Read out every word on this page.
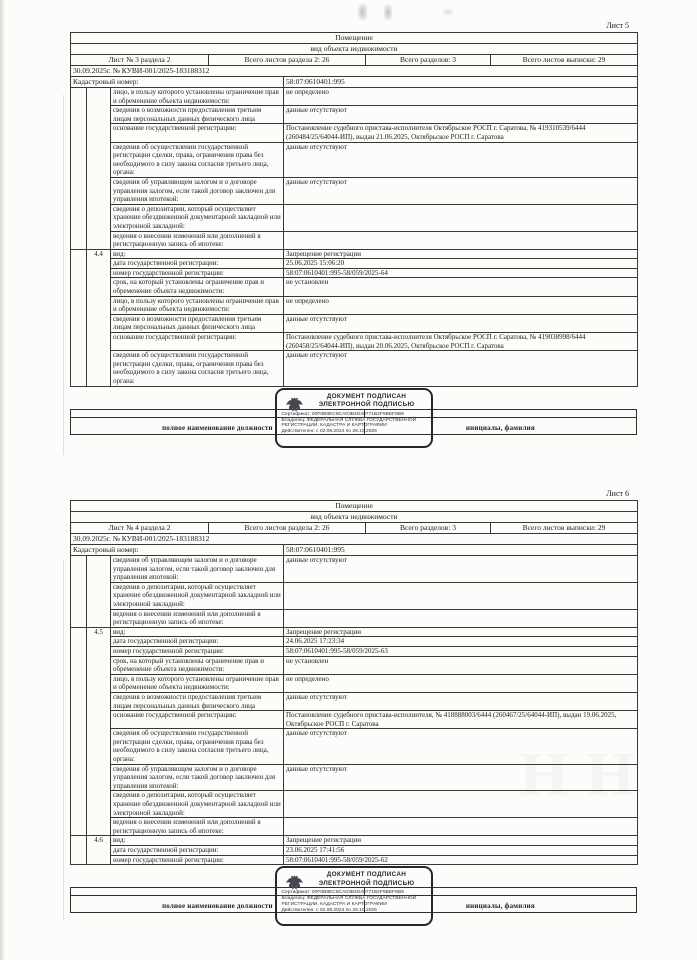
Лист 5
Помещение						
вид объекта недвижимости						
Лист № 3 раздела 2			Всего листов раздела 2: 26		Всего разделов: 3	Всего листов выписки: 29
30.09.2025г. № КУВИ-001/2025-183188312						
Кадастровый номер:				58:07:0610401:995		
		лицо, в пользу которого установлены ограничение прав и обременение объекта недвижимости:		не определено		
		сведения о возможности предоставления третьим лицам персональных данных физического лица		данные отсутствуют		
		основание государственной регистрации:		Постановление судебного пристава-исполнителя Октябрьское РОСП г. Саратова, № 419310539/6444 (260484/25/64044-ИП), выдан 21.06.2025, Октябрьское РОСП г. Саратова		
		сведения об осуществлении государственной регистрации сделки, права, ограничения права без необходимого в силу закона согласия третьего лица, органа:		данные отсутствуют		
		сведения об управляющем залогом и о договоре управления залогом, если такой договор заключен для управления ипотекой:		данные отсутствуют		
		сведения о депозитарии, который осуществляет хранение обездвиженной документарной закладной или электронной закладной:				
		ведения о внесении изменений или дополнений в регистрационную запись об ипотеке:				
	4.4	вид:		Запрещение регистрации		
		дата государственной регистрации:		25.06.2025 15:06:20		
		номер государственной регистрации:		58:07:0610401:995-58/059/2025-64		
		срок, на который установлены ограничение прав и обременение объекта недвижимости:		не установлен		
		лицо, в пользу которого установлены ограничение прав и обременение объекта недвижимости:		не определено		
		сведения о возможности предоставления третьим лицам персональных данных физического лица		данные отсутствуют		
		основание государственной регистрации:		Постановление судебного пристава-исполнителя Октябрьское РОСП г. Саратова, № 419038998/6444 (260458/25/64044-ИП), выдан 20.06.2025, Октябрьское РОСП г. Саратова		
		сведения об осуществлении государственной регистрации сделки, права, ограничения права без необходимого в силу закона согласия третьего лица, органа:		данные отсутствуют		
полное наименование должности	инициалы, фамилия
ДОКУМЕНТ ПОДПИСАН
ЭЛЕКТРОННОЙ ПОДПИСЬЮ
Сертификат: 00F0B8EC8CA03B4D49771B2F9BEF8B9
Владелец: ФЕДЕРАЛЬНАЯ СЛУЖБА ГОСУДАРСТВЕННОЙ РЕГИСТРАЦИИ, КАДАСТРА И КАРТОГРАФИИ
Действителен: с 02.08.2024 по 26.10.2025
Лист 6
Помещение						
вид объекта недвижимости						
Лист № 4 раздела 2			Всего листов раздела 2: 26		Всего разделов: 3	Всего листов выписки: 29
30.09.2025г. № КУВИ-001/2025-183188312						
Кадастровый номер:				58:07:0610401:995		
		сведения об управляющем залогом и о договоре управления залогом, если такой договор заключен для управления ипотекой:		данные отсутствуют		
		сведения о депозитарии, который осуществляет хранение обездвиженной документарной закладной или электронной закладной:				
		ведения о внесении изменений или дополнений в регистрационную запись об ипотеке:				
	4.5	вид:		Запрещение регистрации		
		дата государственной регистрации:		24.06.2025 17:23:34		
		номер государственной регистрации:		58:07:0610401:995-58/059/2025-63		
		срок, на который установлены ограничение прав и обременение объекта недвижимости:		не установлен		
		лицо, в пользу которого установлены ограничение прав и обременение объекта недвижимости:		не определено		
		сведения о возможности предоставления третьим лицам персональных данных физического лица		данные отсутствуют		
		основание государственной регистрации:		Постановление судебного пристава-исполнителя, № 418888003/6444 (260467/25/64044-ИП), выдан 19.06.2025, Октябрьское РОСП г. Саратова		
		сведения об осуществлении государственной регистрации сделки, права, ограничения права без необходимого в силу закона согласия третьего лица, органа:		данные отсутствуют		
		сведения об управляющем залогом и о договоре управления залогом, если такой договор заключен для управления ипотекой:		данные отсутствуют		
		сведения о депозитарии, который осуществляет хранение обездвиженной документарной закладной или электронной закладной:				
		ведения о внесении изменений или дополнений в регистрационную запись об ипотеке:				
	4.6	вид:		Запрещение регистрации		
		дата государственной регистрации:		23.06.2025 17:41:56		
		номер государственной регистрации:		58:07:0610401:995-58/059/2025-62		
полное наименование должности	инициалы, фамилия
ДОКУМЕНТ ПОДПИСАН
ЭЛЕКТРОННОЙ ПОДПИСЬЮ
Сертификат: 00F0B8EC8CA03B4D49771B2F9BEF8B9
Владелец: ФЕДЕРАЛЬНАЯ СЛУЖБА ГОСУДАРСТВЕННОЙ РЕГИСТРАЦИИ, КАДАСТРА И КАРТОГРАФИИ
Действителен: с 02.08.2024 по 26.10.2025
